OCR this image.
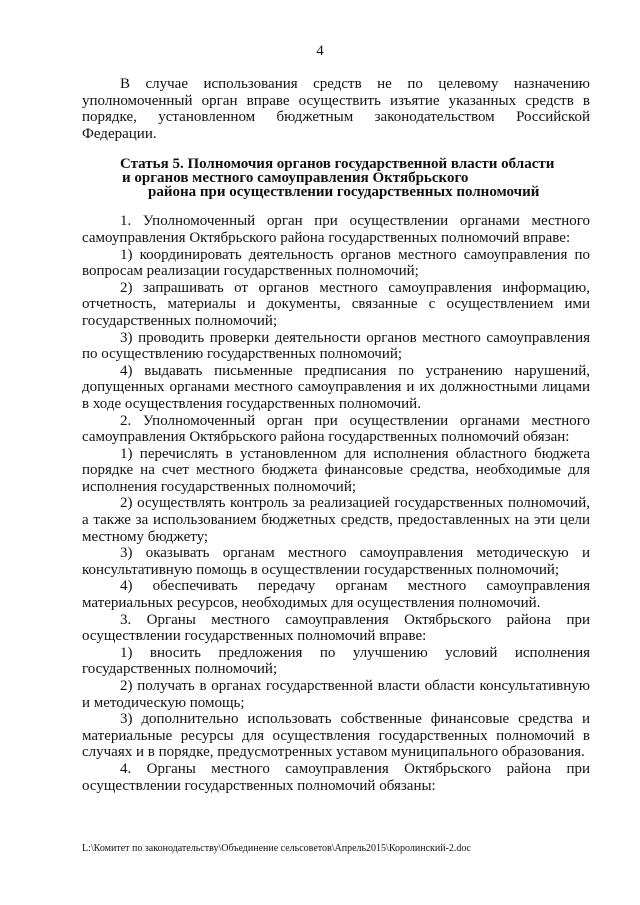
4

В случае использования средств не по целевому назначению уполномоченный орган вправе осуществить изъятие указанных средств в порядке, установленном бюджетным законодательством Российской Федерации.

Статья 5. Полномочия органов государственной власти области
и органов местного самоуправления Октябрьского
района при осуществлении государственных полномочий

1. Уполномоченный орган при осуществлении органами местного самоуправления Октябрьского района государственных полномочий вправе:

1) координировать деятельность органов местного самоуправления по вопросам реализации государственных полномочий;

2) запрашивать от органов местного самоуправления информацию, отчетность, материалы и документы, связанные с осуществлением ими государственных полномочий;

3) проводить проверки деятельности органов местного самоуправления по осуществлению государственных полномочий;

4) выдавать письменные предписания по устранению нарушений, допущенных органами местного самоуправления и их должностными лицами в ходе осуществления государственных полномочий.

2. Уполномоченный орган при осуществлении органами местного самоуправления Октябрьского района государственных полномочий обязан:

1) перечислять в установленном для исполнения областного бюджета порядке на счет местного бюджета финансовые средства, необходимые для исполнения государственных полномочий;

2) осуществлять контроль за реализацией государственных полномочий, а также за использованием бюджетных средств, предоставленных на эти цели местному бюджету;

3) оказывать органам местного самоуправления методическую и консультативную помощь в осуществлении государственных полномочий;

4) обеспечивать передачу органам местного самоуправления материальных ресурсов, необходимых для осуществления полномочий.

3. Органы местного самоуправления Октябрьского района при осуществлении государственных полномочий вправе:

1) вносить предложения по улучшению условий исполнения государственных полномочий;

2) получать в органах государственной власти области консультативную и методическую помощь;

3) дополнительно использовать собственные финансовые средства и материальные ресурсы для осуществления государственных полномочий в случаях и в порядке, предусмотренных уставом муниципального образования.

4. Органы местного самоуправления Октябрьского района при осуществлении государственных полномочий обязаны:

L:\Комитет по законодательству\Объединение сельсоветов\Апрель2015\Королинский-2.doc
